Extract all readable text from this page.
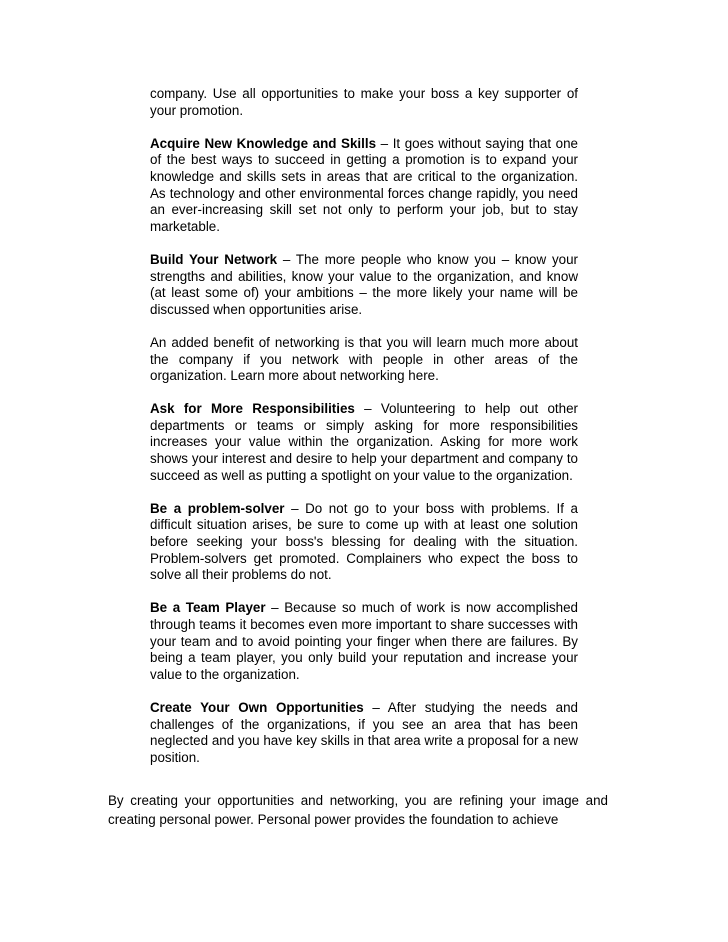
company. Use all opportunities to make your boss a key supporter of your promotion.

Acquire New Knowledge and Skills – It goes without saying that one of the best ways to succeed in getting a promotion is to expand your knowledge and skills sets in areas that are critical to the organization. As technology and other environmental forces change rapidly, you need an ever-increasing skill set not only to perform your job, but to stay marketable.

Build Your Network – The more people who know you – know your strengths and abilities, know your value to the organization, and know (at least some of) your ambitions – the more likely your name will be discussed when opportunities arise.

An added benefit of networking is that you will learn much more about the company if you network with people in other areas of the organization. Learn more about networking here.

Ask for More Responsibilities – Volunteering to help out other departments or teams or simply asking for more responsibilities increases your value within the organization. Asking for more work shows your interest and desire to help your department and company to succeed as well as putting a spotlight on your value to the organization.

Be a problem-solver – Do not go to your boss with problems. If a difficult situation arises, be sure to come up with at least one solution before seeking your boss's blessing for dealing with the situation. Problem-solvers get promoted. Complainers who expect the boss to solve all their problems do not.

Be a Team Player – Because so much of work is now accomplished through teams it becomes even more important to share successes with your team and to avoid pointing your finger when there are failures. By being a team player, you only build your reputation and increase your value to the organization.

Create Your Own Opportunities – After studying the needs and challenges of the organizations, if you see an area that has been neglected and you have key skills in that area write a proposal for a new position.

By creating your opportunities and networking, you are refining your image and creating personal power. Personal power provides the foundation to achieve
